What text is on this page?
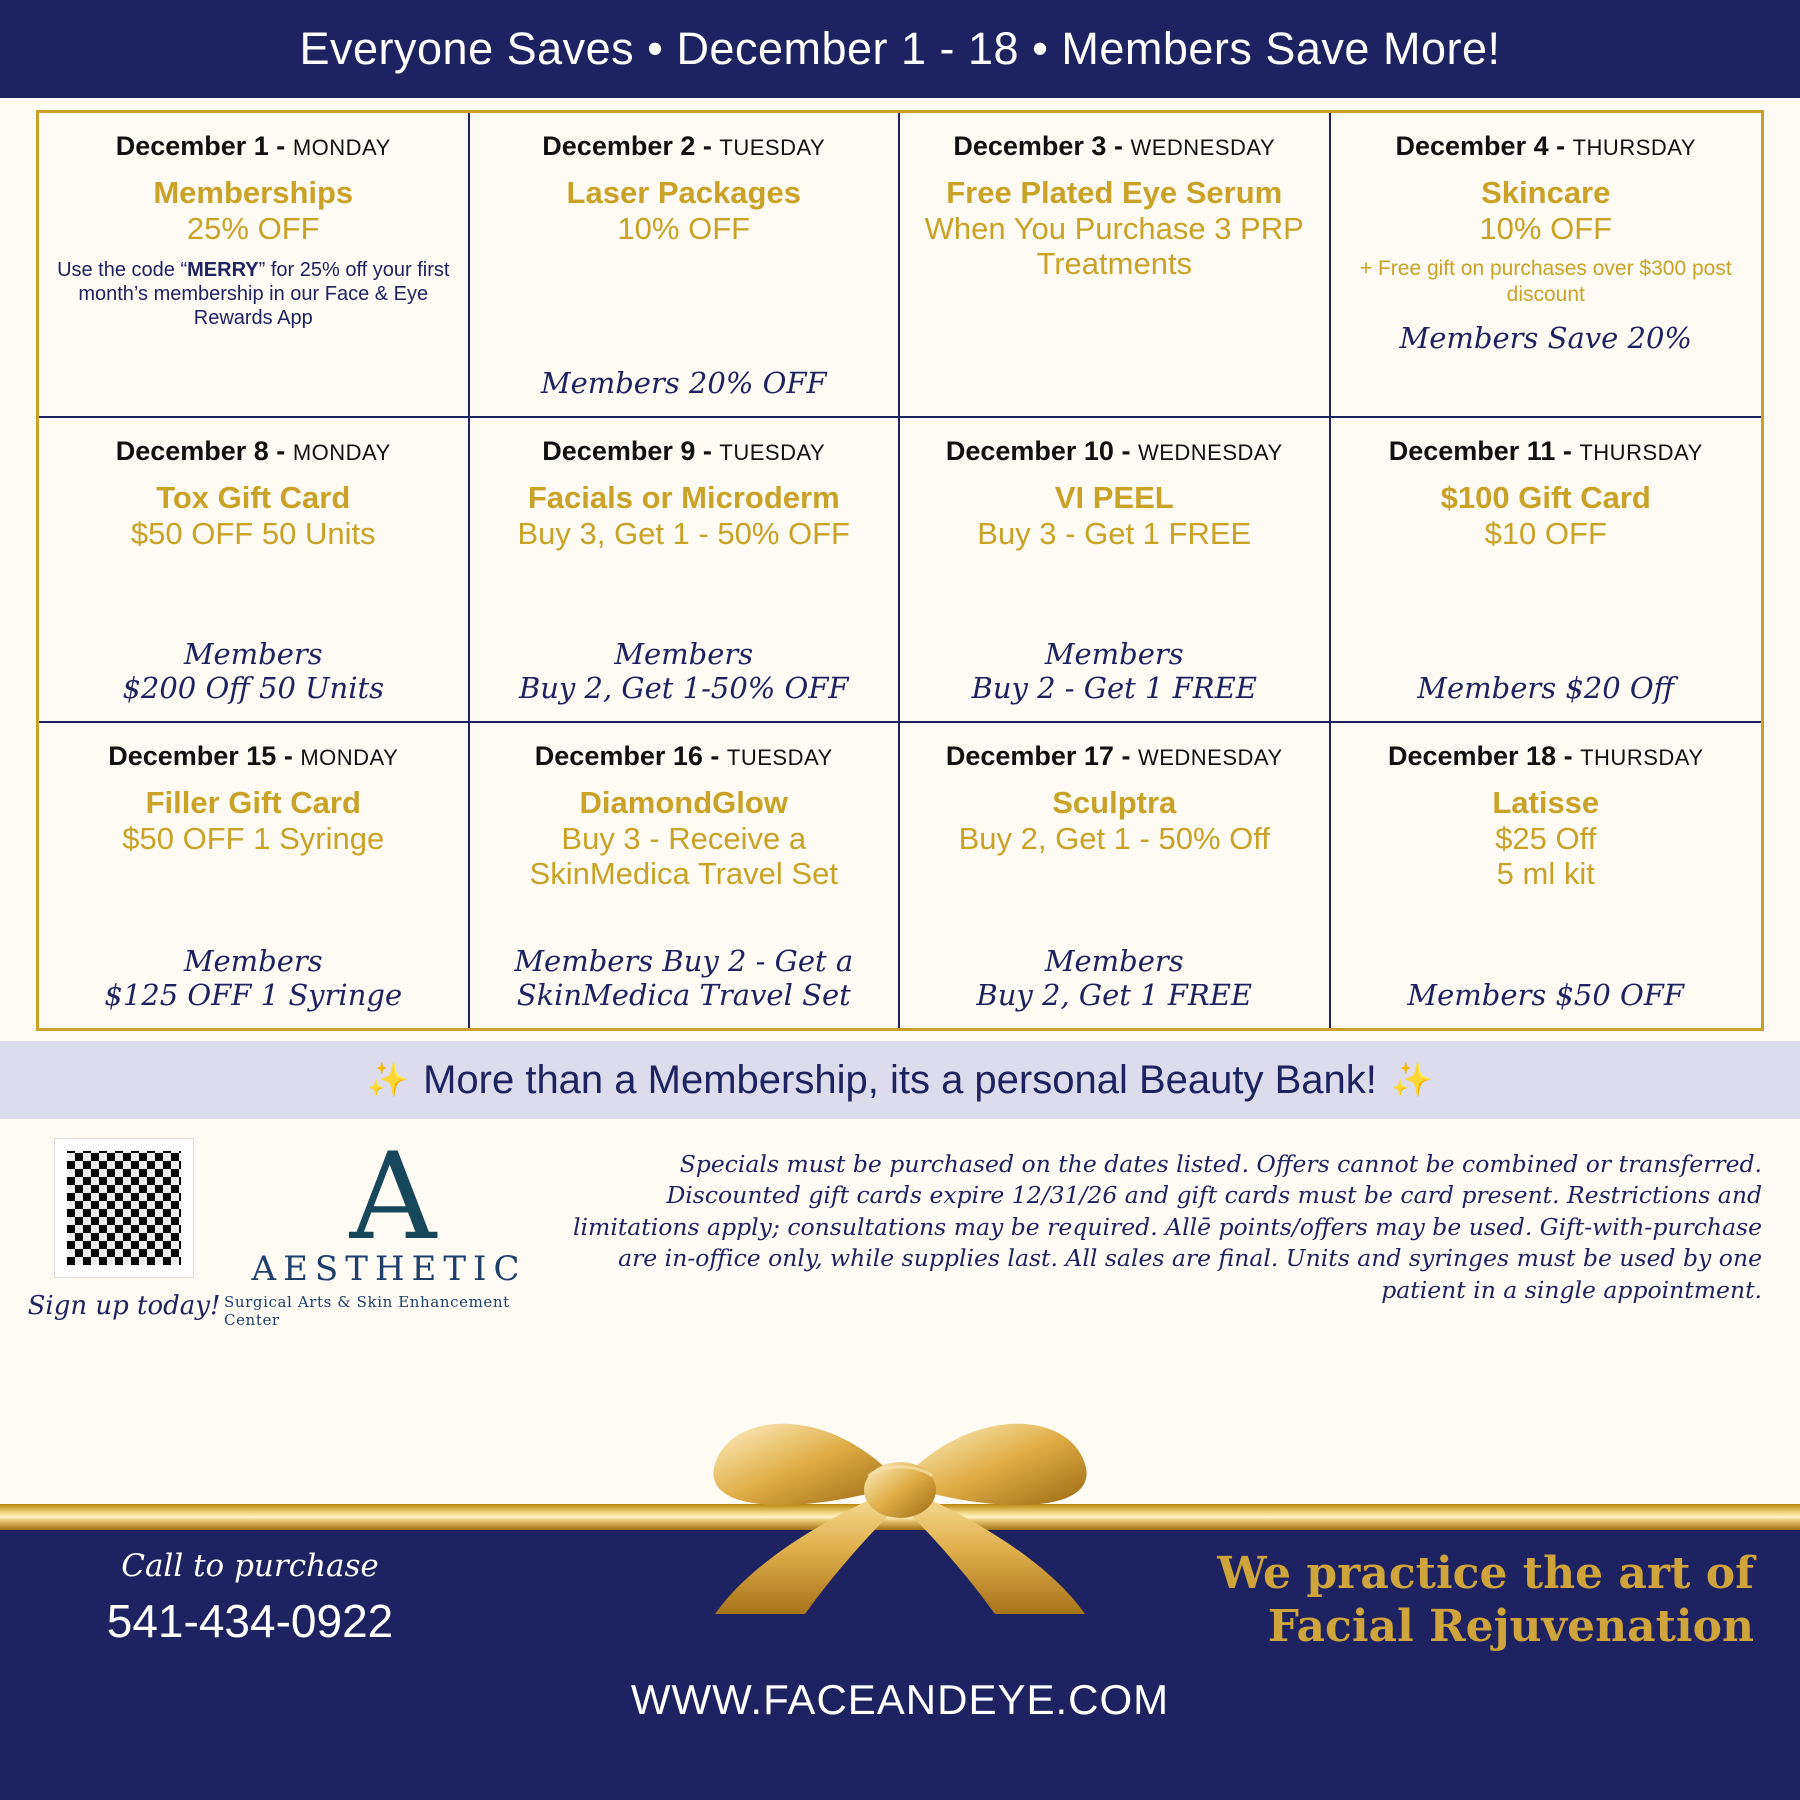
Everyone Saves • December 1 - 18 • Members Save More!
December 1 - MONDAY
Memberships
25% OFF
Use the code “MERRY” for 25% off your first month’s membership in our Face & Eye Rewards App
December 2 - TUESDAY
Laser Packages
10% OFF
Members 20% OFF
December 3 - WEDNESDAY
Free Plated Eye Serum
When You Purchase 3 PRP Treatments
December 4 - THURSDAY
Skincare
10% OFF
+ Free gift on purchases over $300 post discount
Members Save 20%
December 8 - MONDAY
Tox Gift Card
$50 OFF 50 Units
Members
$200 Off 50 Units
December 9 - TUESDAY
Facials or Microderm
Buy 3, Get 1 - 50% OFF
Members
Buy 2, Get 1-50% OFF
December 10 - WEDNESDAY
VI PEEL
Buy 3 - Get 1 FREE
Members
Buy 2 - Get 1 FREE
December 11 - THURSDAY
$100 Gift Card
$10 OFF
Members $20 Off
December 15 - MONDAY
Filler Gift Card
$50 OFF 1 Syringe
Members
$125 OFF 1 Syringe
December 16 - TUESDAY
DiamondGlow
Buy 3 - Receive a SkinMedica Travel Set
Members Buy 2 - Get a SkinMedica Travel Set
December 17 - WEDNESDAY
Sculptra
Buy 2, Get 1 - 50% Off
Members
Buy 2, Get 1 FREE
December 18 - THURSDAY
Latisse
$25 Off
5 ml kit
Members $50 OFF
✨ More than a Membership, its a personal Beauty Bank! ✨
Sign up today!
A
AESTHETIC
Surgical Arts & Skin Enhancement Center
Specials must be purchased on the dates listed. Offers cannot be combined or transferred. Discounted gift cards expire 12/31/26 and gift cards must be card present. Restrictions and limitations apply; consultations may be required. Allē points/offers may be used. Gift-with-purchase are in-office only, while supplies last. All sales are final. Units and syringes must be used by one patient in a single appointment.
Call to purchase
541-434-0922
We practice the art of
Facial Rejuvenation
WWW.FACEANDEYE.COM
